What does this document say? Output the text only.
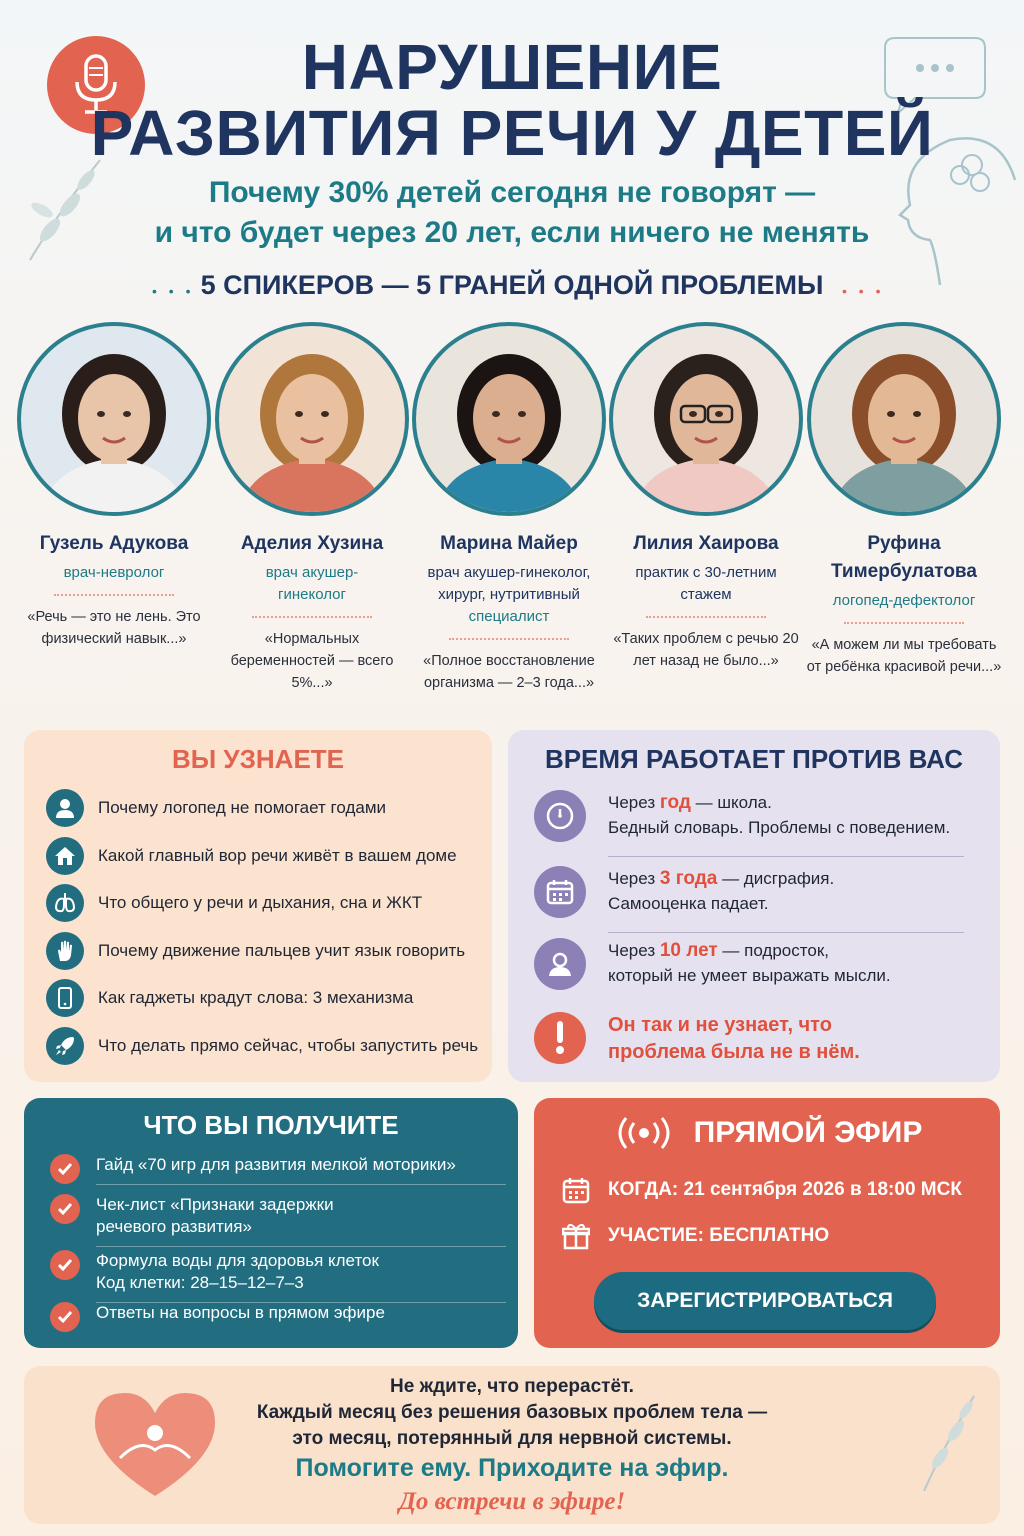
НАРУШЕНИЕ
РАЗВИТИЯ РЕЧИ У ДЕТЕЙ
Почему 30% детей сегодня не говорят —
и что будет через 20 лет, если ничего не менять
• • • 5 СПИКЕРОВ — 5 ГРАНЕЙ ОДНОЙ ПРОБЛЕМЫ	• • •
Гузель Адукова
врач-невролог
«Речь — это не лень. Это физический навык...»
Аделия Хузина
врач акушер-
гинеколог
«Нормальных беременностей — всего 5%...»
Марина Майер
врач акушер-гинеколог,
хирург, нутритивный
специалист
«Полное восстановление организма — 2–3 года...»
Лилия Хаирова
практик с 30-летним
стажем
«Таких проблем с речью 20 лет назад не было...»
Руфина Тимербулатова
логопед-дефектолог
«А можем ли мы требовать от ребёнка красивой речи...»
ВЫ УЗНАЕТЕ
Почему логопед не помогает годами
Какой главный вор речи живёт в вашем доме
Что общего у речи и дыхания, сна и ЖКТ
Почему движение пальцев учит язык говорить
Как гаджеты крадут слова: 3 механизма
Что делать прямо сейчас, чтобы запустить речь
ВРЕМЯ РАБОТАЕТ ПРОТИВ ВАС
Через год — школа.
Бедный словарь. Проблемы с поведением.
Через 3 года — дисграфия.
Самооценка падает.
Через 10 лет — подросток,
который не умеет выражать мысли.
Он так и не узнает, что
проблема была не в нём.
ЧТО ВЫ ПОЛУЧИТЕ
Гайд «70 игр для развития мелкой моторики»
Чек-лист «Признаки задержки
речевого развития»
Формула воды для здоровья клеток
Код клетки: 28–15–12–7–3
Ответы на вопросы в прямом эфире
ПРЯМОЙ ЭФИР
КОГДА: 21 сентября 2026 в 18:00 МСК
УЧАСТИЕ: БЕСПЛАТНО
ЗАРЕГИСТРИРОВАТЬСЯ
Не ждите, что перерастёт.
Каждый месяц без решения базовых проблем тела —
это месяц, потерянный для нервной системы.
Помогите ему. Приходите на эфир.
До встречи в эфире!
